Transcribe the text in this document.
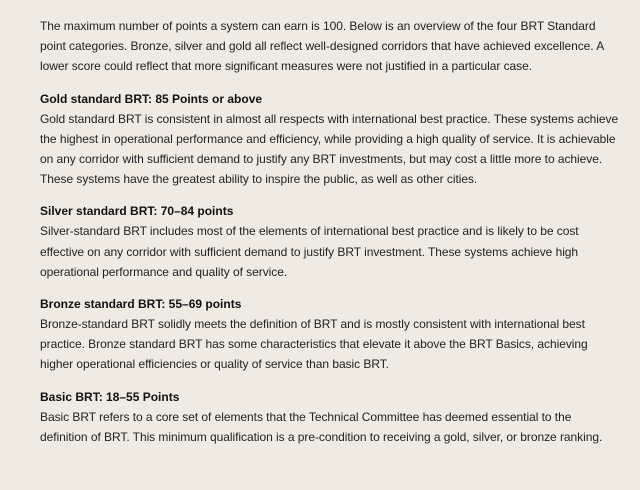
The maximum number of points a system can earn is 100. Below is an overview of the four BRT Standard point categories. Bronze, silver and gold all reflect well-designed corridors that have achieved excellence. A lower score could reflect that more significant measures were not justified in a particular case.

Gold standard BRT: 85 Points or above

Gold standard BRT is consistent in almost all respects with international best practice. These systems achieve the highest in operational performance and efficiency, while providing a high quality of service. It is achievable on any corridor with sufficient demand to justify any BRT investments, but may cost a little more to achieve. These systems have the greatest ability to inspire the public, as well as other cities.

Silver standard BRT: 70–84 points

Silver-standard BRT includes most of the elements of international best practice and is likely to be cost effective on any corridor with sufficient demand to justify BRT investment. These systems achieve high operational performance and quality of service.

Bronze standard BRT: 55–69 points

Bronze-standard BRT solidly meets the definition of BRT and is mostly consistent with international best practice. Bronze standard BRT has some characteristics that elevate it above the BRT Basics, achieving higher operational efficiencies or quality of service than basic BRT.

Basic BRT: 18–55 Points

Basic BRT refers to a core set of elements that the Technical Committee has deemed essential to the definition of BRT. This minimum qualification is a pre-condition to receiving a gold, silver, or bronze ranking.
